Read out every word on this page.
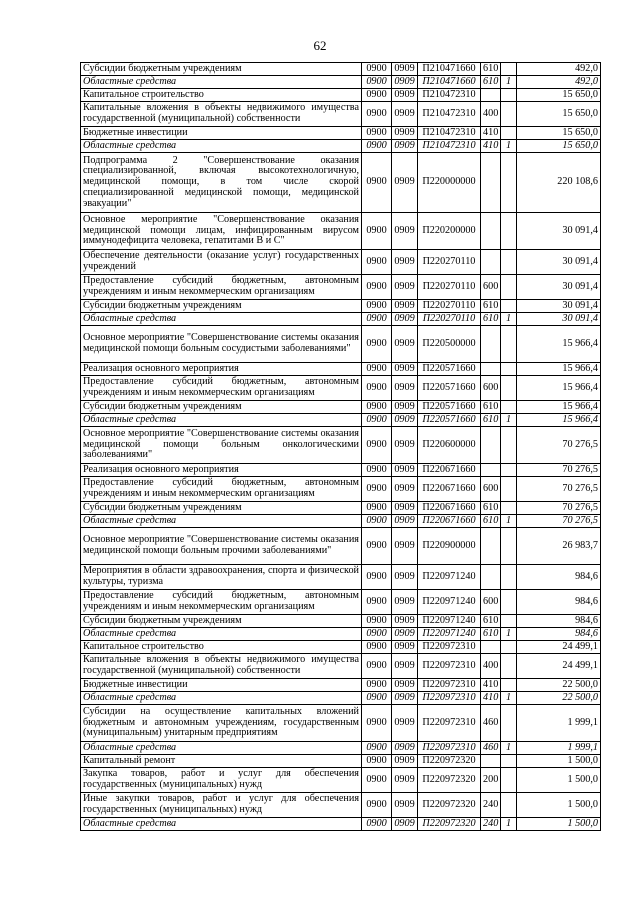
62
Субсидии бюджетным учреждениям	0900	0909	П210471660	610		492,0
Областные средства	0900	0909	П210471660	610	1	492,0
Капитальное строительство	0900	0909	П210472310			15 650,0
Капитальные вложения в объекты недвижимого имущества государственной (муниципальной) собственности	0900	0909	П210472310	400		15 650,0
Бюджетные инвестиции	0900	0909	П210472310	410		15 650,0
Областные средства	0900	0909	П210472310	410	1	15 650,0
Подпрограмма 2 "Совершенствование оказания специализированной, включая высокотехнологичную, медицинской помощи, в том числе скорой специализированной медицинской помощи, медицинской эвакуации"	0900	0909	П220000000			220 108,6
Основное мероприятие "Совершенствование оказания медицинской помощи лицам, инфицированным вирусом иммунодефицита человека, гепатитами В и С"	0900	0909	П220200000			30 091,4
Обеспечение деятельности (оказание услуг) государственных учреждений	0900	0909	П220270110			30 091,4
Предоставление субсидий бюджетным, автономным учреждениям и иным некоммерческим организациям	0900	0909	П220270110	600		30 091,4
Субсидии бюджетным учреждениям	0900	0909	П220270110	610		30 091,4
Областные средства	0900	0909	П220270110	610	1	30 091,4
Основное мероприятие "Совершенствование системы оказания медицинской помощи больным сосудистыми заболеваниями"	0900	0909	П220500000			15 966,4
Реализация основного мероприятия	0900	0909	П220571660			15 966,4
Предоставление субсидий бюджетным, автономным учреждениям и иным некоммерческим организациям	0900	0909	П220571660	600		15 966,4
Субсидии бюджетным учреждениям	0900	0909	П220571660	610		15 966,4
Областные средства	0900	0909	П220571660	610	1	15 966,4
Основное мероприятие "Совершенствование системы оказания медицинской помощи больным онкологическими заболеваниями"	0900	0909	П220600000			70 276,5
Реализация основного мероприятия	0900	0909	П220671660			70 276,5
Предоставление субсидий бюджетным, автономным учреждениям и иным некоммерческим организациям	0900	0909	П220671660	600		70 276,5
Субсидии бюджетным учреждениям	0900	0909	П220671660	610		70 276,5
Областные средства	0900	0909	П220671660	610	1	70 276,5
Основное мероприятие "Совершенствование системы оказания медицинской помощи больным прочими заболеваниями"	0900	0909	П220900000			26 983,7
Мероприятия в области здравоохранения, спорта и физической культуры, туризма	0900	0909	П220971240			984,6
Предоставление субсидий бюджетным, автономным учреждениям и иным некоммерческим организациям	0900	0909	П220971240	600		984,6
Субсидии бюджетным учреждениям	0900	0909	П220971240	610		984,6
Областные средства	0900	0909	П220971240	610	1	984,6
Капитальное строительство	0900	0909	П220972310			24 499,1
Капитальные вложения в объекты недвижимого имущества государственной (муниципальной) собственности	0900	0909	П220972310	400		24 499,1
Бюджетные инвестиции	0900	0909	П220972310	410		22 500,0
Областные средства	0900	0909	П220972310	410	1	22 500,0
Субсидии на осуществление капитальных вложений бюджетным и автономным учреждениям, государственным (муниципальным) унитарным предприятиям	0900	0909	П220972310	460		1 999,1
Областные средства	0900	0909	П220972310	460	1	1 999,1
Капитальный ремонт	0900	0909	П220972320			1 500,0
Закупка товаров, работ и услуг для обеспечения государственных (муниципальных) нужд	0900	0909	П220972320	200		1 500,0
Иные закупки товаров, работ и услуг для обеспечения государственных (муниципальных) нужд	0900	0909	П220972320	240		1 500,0
Областные средства	0900	0909	П220972320	240	1	1 500,0
